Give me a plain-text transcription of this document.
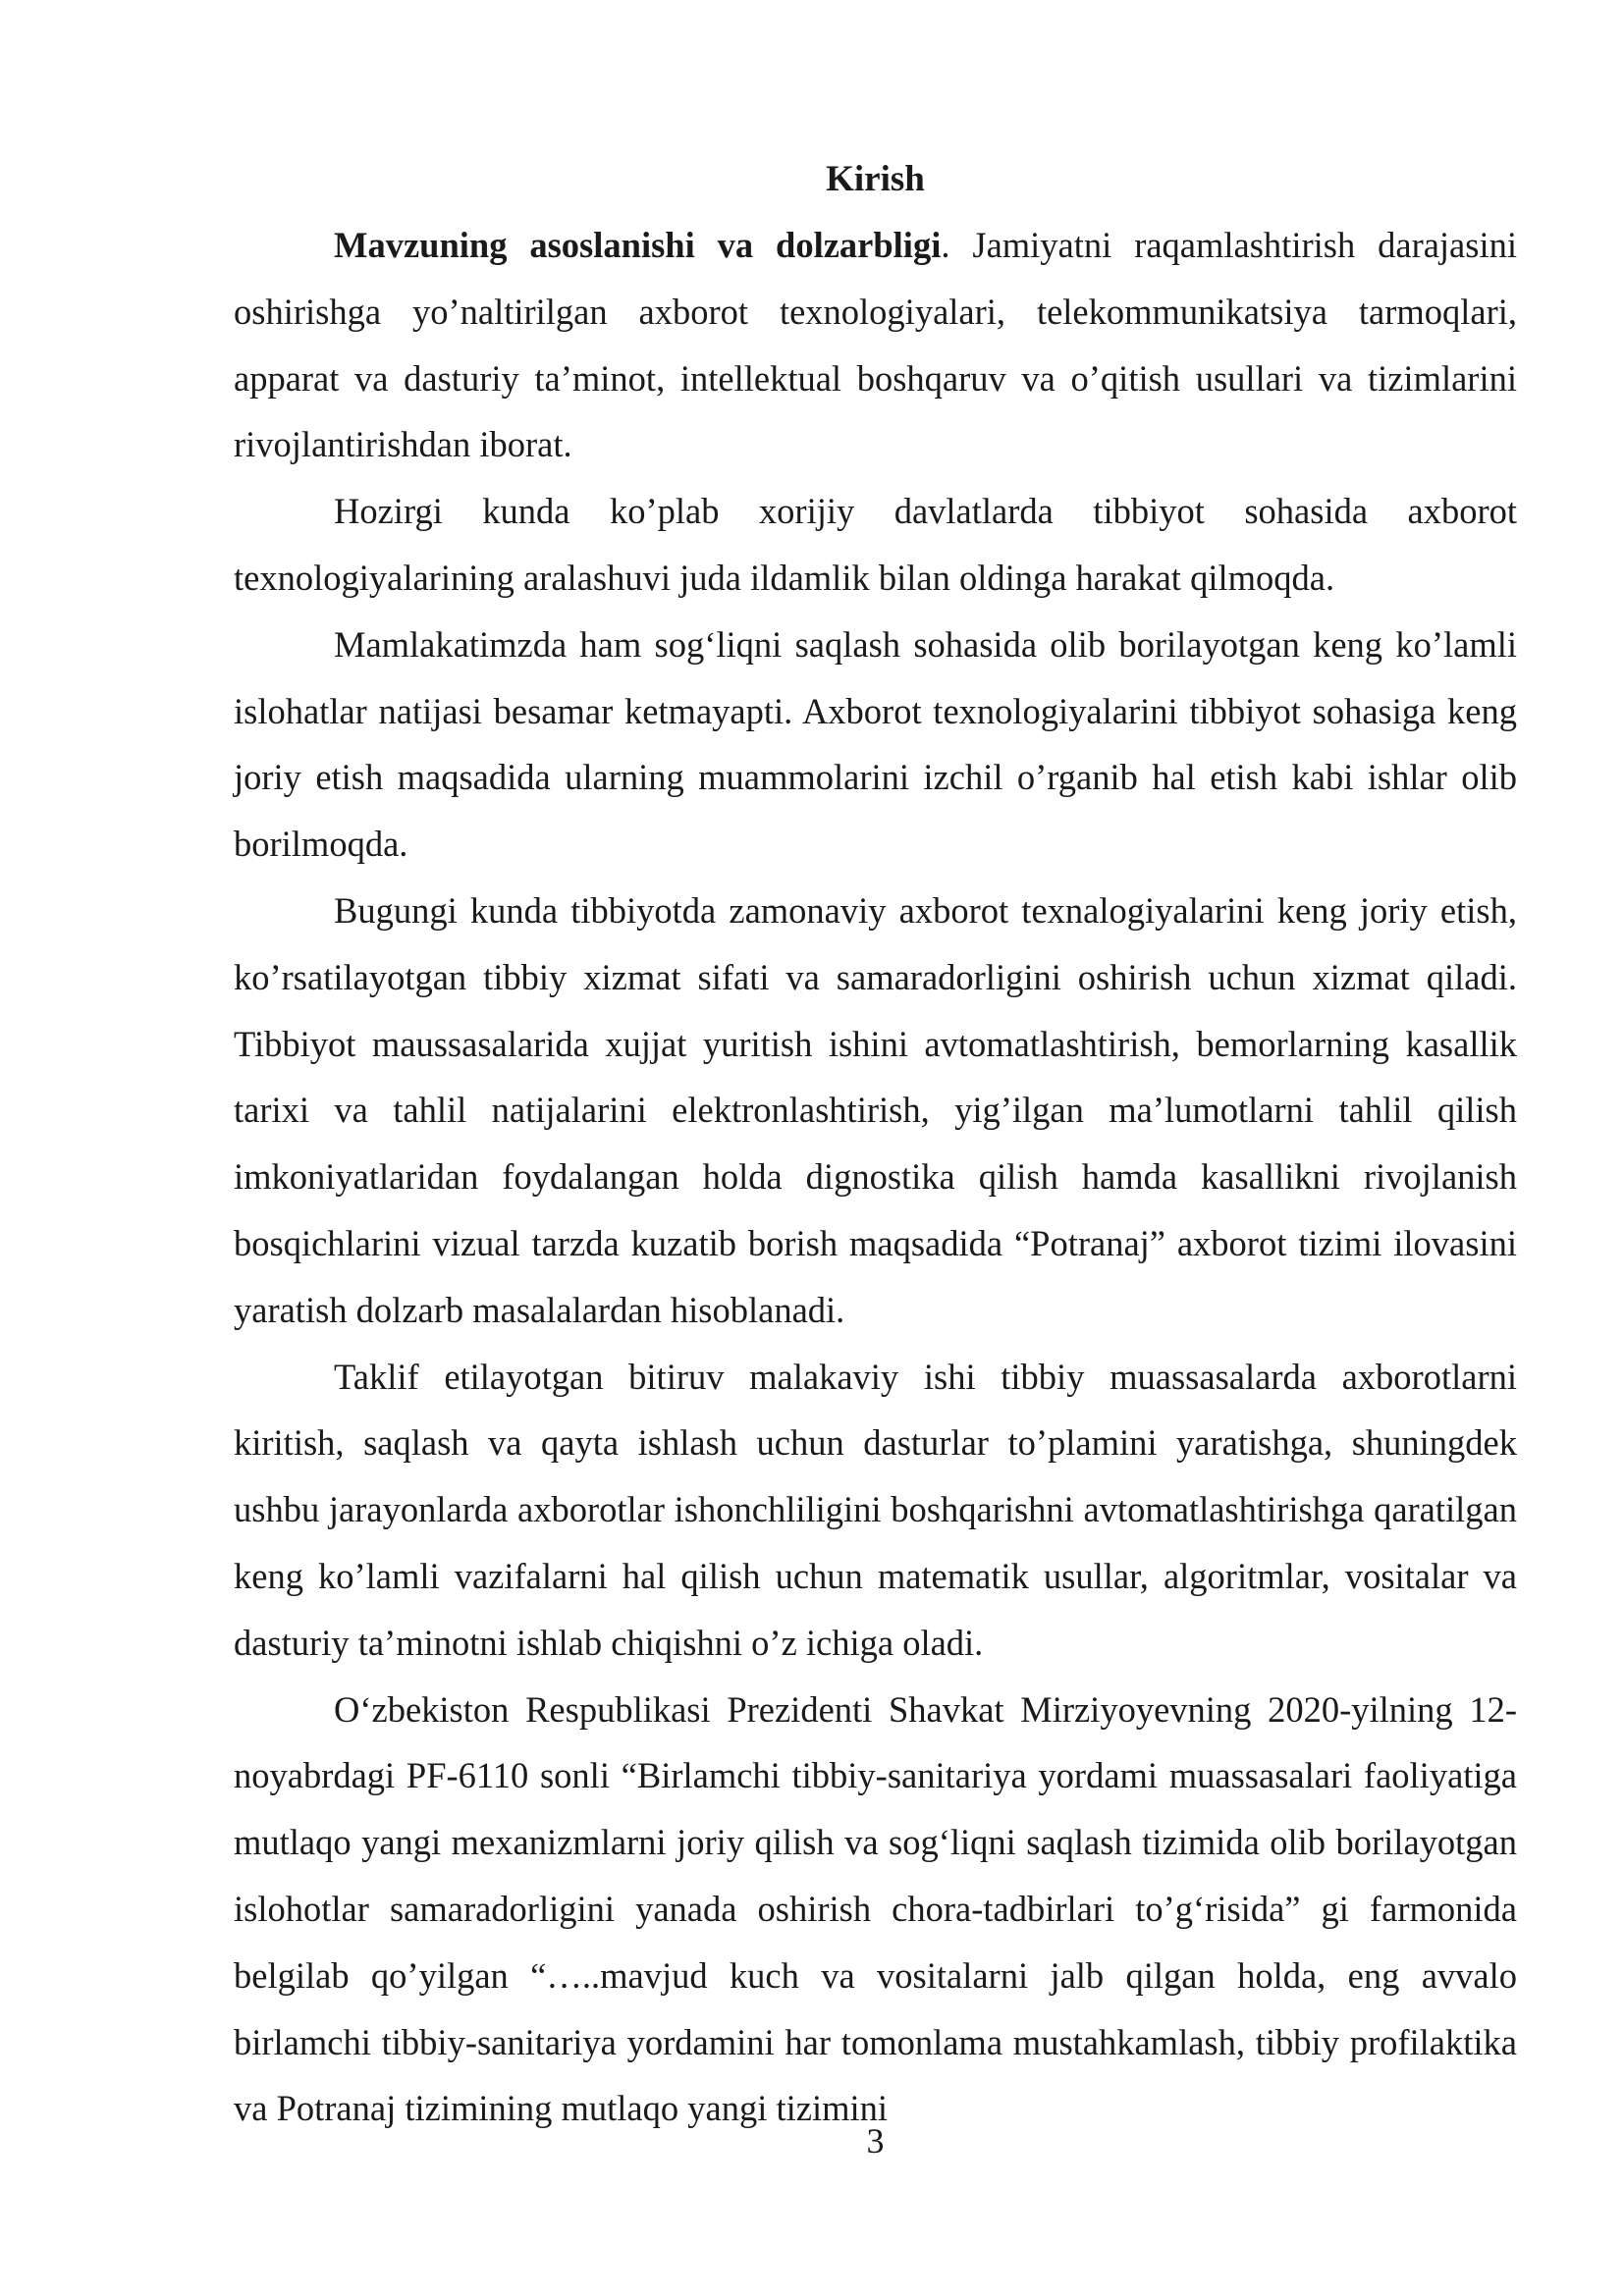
Kirish

Mavzuning asoslanishi va dolzarbligi. Jamiyatni raqamlashtirish darajasini oshirishga yo’naltirilgan axborot texnologiyalari, telekommunikatsiya tarmoqlari, apparat va dasturiy ta’minot, intellektual boshqaruv va o’qitish usullari va tizimlarini rivojlantirishdan iborat.

Hozirgi kunda ko’plab xorijiy davlatlarda tibbiyot sohasida axborot texnologiyalarining aralashuvi juda ildamlik bilan oldinga harakat qilmoqda.

Mamlakatimzda ham sog‘liqni saqlash sohasida olib borilayotgan keng ko’lamli islohatlar natijasi besamar ketmayapti. Axborot texnologiyalarini tibbiyot sohasiga keng joriy etish maqsadida ularning muammolarini izchil o’rganib hal etish kabi ishlar olib borilmoqda.

Bugungi kunda tibbiyotda zamonaviy axborot texnalogiyalarini keng joriy etish, ko’rsatilayotgan tibbiy xizmat sifati va samaradorligini oshirish uchun xizmat qiladi. Tibbiyot maussasalarida xujjat yuritish ishini avtomatlashtirish, bemorlarning kasallik tarixi va tahlil natijalarini elektronlashtirish, yig’ilgan ma’lumotlarni tahlil qilish imkoniyatlaridan foydalangan holda dignostika qilish hamda kasallikni rivojlanish bosqichlarini vizual tarzda kuzatib borish maqsadida “Potranaj” axborot tizimi ilovasini yaratish dolzarb masalalardan hisoblanadi.

Taklif etilayotgan bitiruv malakaviy ishi tibbiy muassasalarda axborotlarni kiritish, saqlash va qayta ishlash uchun dasturlar to’plamini yaratishga, shuningdek ushbu jarayonlarda axborotlar ishonchliligini boshqarishni avtomatlashtirishga qaratilgan keng ko’lamli vazifalarni hal qilish uchun matematik usullar, algoritmlar, vositalar va dasturiy ta’minotni ishlab chiqishni o’z ichiga oladi.

O‘zbekiston Respublikasi Prezidenti Shavkat Mirziyoyevning 2020-yilning 12-noyabrdagi PF-6110 sonli “Birlamchi tibbiy-sanitariya yordami muassasalari faoliyatiga mutlaqo yangi mexanizmlarni joriy qilish va sog‘liqni saqlash tizimida olib borilayotgan islohotlar samaradorligini yanada oshirish chora-tadbirlari to’g‘risida” gi farmonida belgilab qo’yilgan “…..mavjud kuch va vositalarni jalb qilgan holda, eng avvalo birlamchi tibbiy-sanitariya yordamini har tomonlama mustahkamlash, tibbiy profilaktika va Potranaj tizimining mutlaqo yangi tizimini

3
